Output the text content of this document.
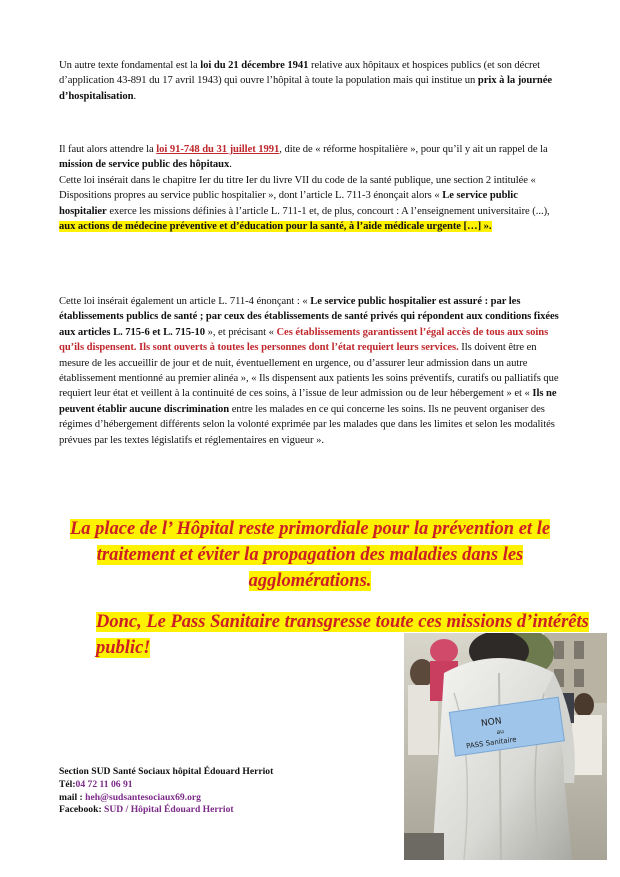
Un autre texte fondamental est la loi du 21 décembre 1941 relative aux hôpitaux et hospices publics (et son décret d’application 43-891 du 17 avril 1943) qui ouvre l’hôpital à toute la population mais qui institue un prix à la journée d’hospitalisation.

Il faut alors attendre la loi 91-748 du 31 juillet 1991, dite de « réforme hospitalière », pour qu’il y ait un rappel de la mission de service public des hôpitaux.
Cette loi insérait dans le chapitre Ier du titre Ier du livre VII du code de la santé publique, une section 2 intitulée « Dispositions propres au service public hospitalier », dont l’article L. 711-3 énonçait alors « Le service public hospitalier exerce les missions définies à l’article L. 711-1 et, de plus, concourt : A l’enseignement universitaire (...), aux actions de médecine préventive et d’éducation pour la santé, à l’aide médicale urgente […] ».

Cette loi insérait également un article L. 711-4 énonçant : « Le service public hospitalier est assuré : par les établissements publics de santé ; par ceux des établissements de santé privés qui répondent aux conditions fixées aux articles L. 715-6 et L. 715-10 », et précisant « Ces établissements garantissent l’égal accès de tous aux soins qu’ils dispensent. Ils sont ouverts à toutes les personnes dont l’état requiert leurs services. Ils doivent être en mesure de les accueillir de jour et de nuit, éventuellement en urgence, ou d’assurer leur admission dans un autre établissement mentionné au premier alinéa », « Ils dispensent aux patients les soins préventifs, curatifs ou palliatifs que requiert leur état et veillent à la continuité de ces soins, à l’issue de leur admission ou de leur hébergement » et « Ils ne peuvent établir aucune discrimination entre les malades en ce qui concerne les soins. Ils ne peuvent organiser des régimes d’hébergement différents selon la volonté exprimée par les malades que dans les limites et selon les modalités prévues par les textes législatifs et réglementaires en vigueur ».

La place de l’ Hôpital reste primordiale pour la prévention et le traitement et éviter la propagation des maladies dans les agglomérations.

Donc, Le Pass Sanitaire transgresse toute ces missions d’intérêts public!

Section SUD Santé Sociaux hôpital Édouard Herriot
Tél:04 72 11 06 91
mail : heh@sudsantesociaux69.org
Facebook: SUD / Hôpital Édouard Herriot
NON
au
PASS Sanitaire
